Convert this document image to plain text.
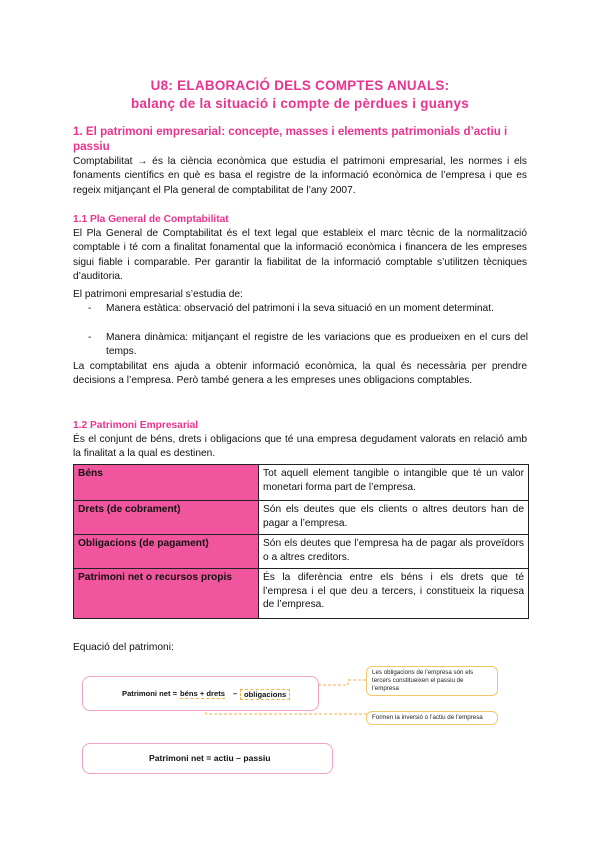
U8: ELABORACIÓ DELS COMPTES ANUALS:
balanç de la situació i compte de pèrdues i guanys
1. El patrimoni empresarial: concepte, masses i elements patrimonials d’actiu i passiu
Comptabilitat → és la ciència econòmica que estudia el patrimoni empresarial, les normes i els fonaments científics en què es basa el registre de la informació econòmica de l’empresa i que es regeix mitjançant el Pla general de comptabilitat de l’any 2007.
1.1 Pla General de Comptabilitat
El Pla General de Comptabilitat és el text legal que estableix el marc tècnic de la normalització comptable i té com a finalitat fonamental que la informació econòmica i financera de les empreses sigui fiable i comparable. Per garantir la fiabilitat de la informació comptable s’utilitzen tècniques d’auditoria.
El patrimoni empresarial s’estudia de:
- Manera estàtica: observació del patrimoni i la seva situació en un moment determinat.
- Manera dinàmica: mitjançant el registre de les variacions que es produeixen en el curs del temps.
La comptabilitat ens ajuda a obtenir informació econòmica, la qual és necessària per prendre decisions a l’empresa. Però també genera a les empreses unes obligacions comptables.
1.2 Patrimoni Empresarial
És el conjunt de béns, drets i obligacions que té una empresa degudament valorats en relació amb la finalitat a la qual es destinen.
Béns	Tot aquell element tangible o intangible que té un valor monetari forma part de l’empresa.
Drets (de cobrament)	Són els deutes que els clients o altres deutors han de pagar a l’empresa.
Obligacions (de pagament)	Són els deutes que l’empresa ha de pagar als proveïdors o a altres creditors.
Patrimoni net o recursos propis	És la diferència entre els béns i els drets que té l’empresa i el que deu a tercers, i constitueix la riquesa de l’empresa.
Equació del patrimoni:
Patrimoni net = béns + drets – obligacions
Les obligacions de l’empresa són els tercers constitueixen el passiu de l’empresa
Formen la inversió o l’actiu de l’empresa
Patrimoni net = actiu – passiu
